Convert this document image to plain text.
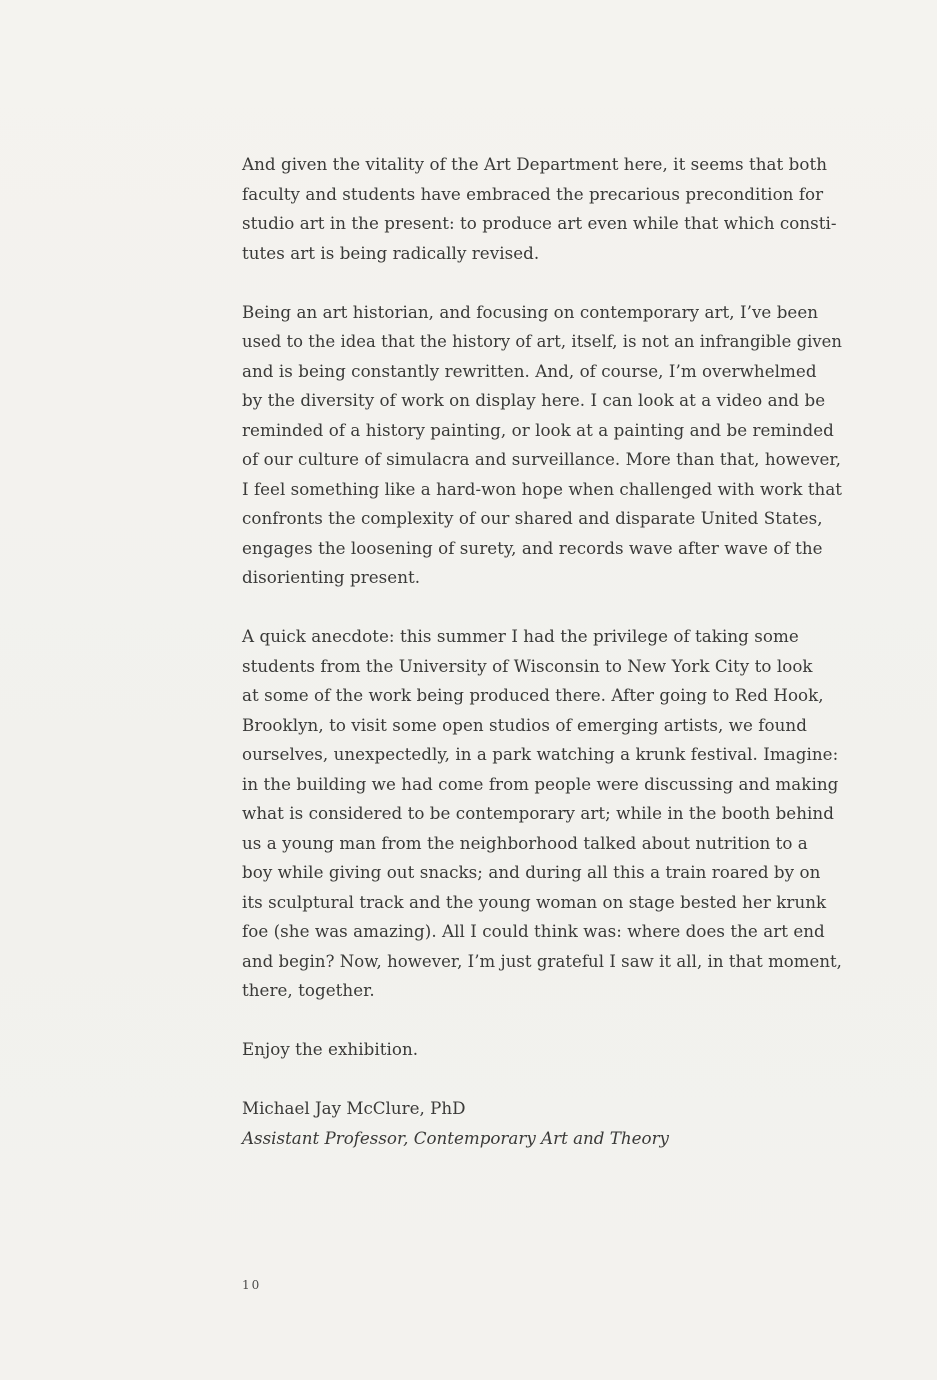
And given the vitality of the Art Department here, it seems that both
faculty and students have embraced the precarious precondition for
studio art in the present: to produce art even while that which consti-
tutes art is being radically revised.

Being an art historian, and focusing on contemporary art, I’ve been
used to the idea that the history of art, itself, is not an infrangible given
and is being constantly rewritten. And, of course, I’m overwhelmed
by the diversity of work on display here. I can look at a video and be
reminded of a history painting, or look at a painting and be reminded
of our culture of simulacra and surveillance. More than that, however,
I feel something like a hard-won hope when challenged with work that
confronts the complexity of our shared and disparate United States,
engages the loosening of surety, and records wave after wave of the
disorienting present.

A quick anecdote: this summer I had the privilege of taking some
students from the University of Wisconsin to New York City to look
at some of the work being produced there. After going to Red Hook,
Brooklyn, to visit some open studios of emerging artists, we found
ourselves, unexpectedly, in a park watching a krunk festival. Imagine:
in the building we had come from people were discussing and making
what is considered to be contemporary art; while in the booth behind
us a young man from the neighborhood talked about nutrition to a
boy while giving out snacks; and during all this a train roared by on
its sculptural track and the young woman on stage bested her krunk
foe (she was amazing). All I could think was: where does the art end
and begin? Now, however, I’m just grateful I saw it all, in that moment,
there, together.

Enjoy the exhibition.

Michael Jay McClure, PhD
Assistant Professor, Contemporary Art and Theory
10
